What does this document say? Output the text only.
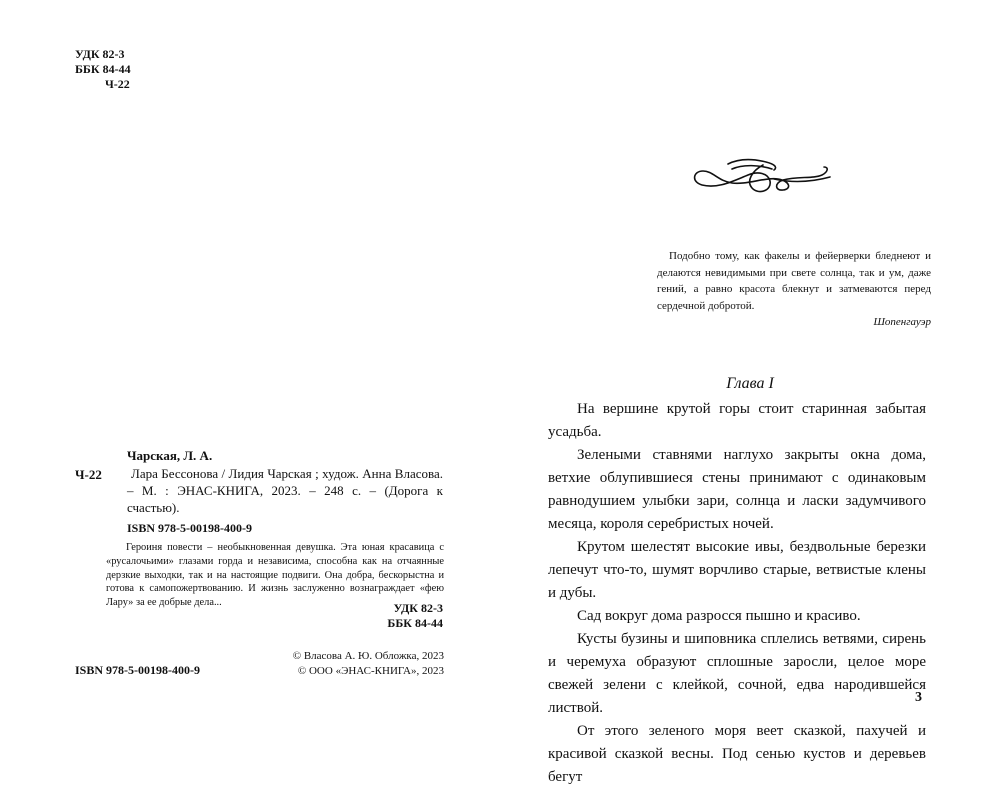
УДК 82-3
ББК 84-44
Ч-22
Чарская, Л. А.
Ч-22	Лара Бессонова / Лидия Чарская ; худож. Анна Власова. – М. : ЭНАС-КНИГА, 2023. – 248 с. – (Дорога к счастью).
ISBN 978-5-00198-400-9
Героиня повести – необыкновенная девушка. Эта юная красавица с «русалочьими» глазами горда и независима, способна как на отчаянные дерзкие выходки, так и на настоящие подвиги. Она добра, бескорыстна и готова к самопожертвованию. И жизнь заслуженно вознаграждает «фею Лару» за ее добрые дела...	УДК 82-3
ББК 84-44
ISBN 978-5-00198-400-9
© Власова А. Ю. Обложка, 2023
© ООО «ЭНАС-КНИГА», 2023
Подобно тому, как факелы и фейерверки бледнеют и делаются невидимыми при свете солнца, так и ум, даже гений, а равно красота блекнут и затмеваются перед сердечной добротой.
Шопенгауэр
Глава I

На вершине крутой горы стоит старинная забытая усадьба.

Зелеными ставнями наглухо закрыты окна дома, ветхие облупившиеся стены принимают с одинаковым равнодушием улыбки зари, солнца и ласки задумчивого месяца, короля серебристых ночей.

Крутом шелестят высокие ивы, бездвольные березки лепечут что-то, шумят ворчливо старые, ветвистые клены и дубы.

Сад вокруг дома разросся пышно и красиво.

Кусты бузины и шиповника сплелись ветвями, сирень и черемуха образуют сплошные заросли, целое море свежей зелени с клейкой, сочной, едва народившейся листвой.

От этого зеленого моря веет сказкой, пахучей и красивой сказкой весны. Под сенью кустов и деревьев бегут

3
